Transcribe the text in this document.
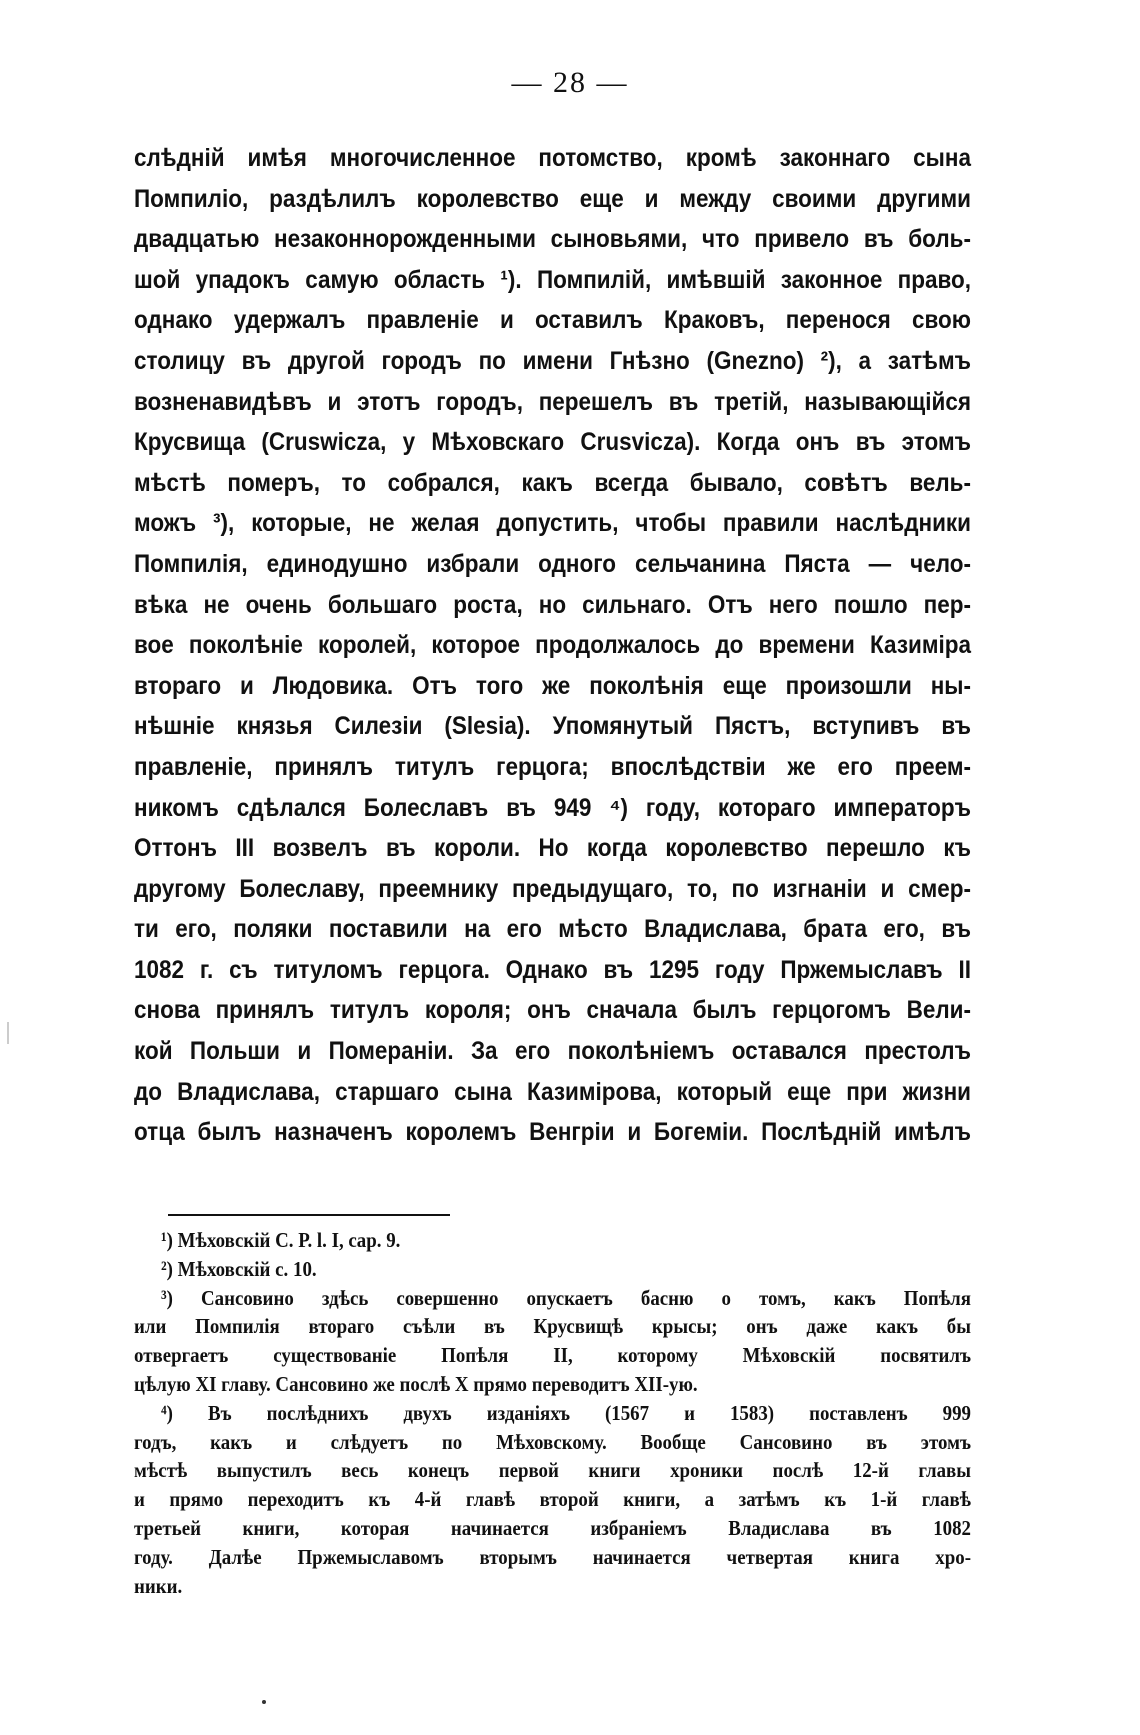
— 28 —
слѣдній имѣя многочисленное потомство, кромѣ законнаго сына
Помпиліо, раздѣлилъ королевство еще и между своими другими
двадцатью незаконнорожденными сыновьями, что привело въ боль-
шой упадокъ самую область ¹). Помпилій, имѣвшій законное право,
однако удержалъ правленіе и оставилъ Краковъ, перенося свою
столицу въ другой городъ по имени Гнѣзно (Gnezno) ²), а затѣмъ
возненавидѣвъ и этотъ городъ, перешелъ въ третій, называющійся
Крусвища (Cruswicza, у Мѣховскаго Crusvicza). Когда онъ въ этомъ
мѣстѣ померъ, то собрался, какъ всегда бывало, совѣтъ вель-
можъ ³), которые, не желая допустить, чтобы правили наслѣдники
Помпилія, единодушно избрали одного сельчанина Пяста — чело-
вѣка не очень большаго роста, но сильнаго. Отъ него пошло пер-
вое поколѣніе королей, которое продолжалось до времени Казиміра
втораго и Людовика. Отъ того же поколѣнія еще произошли ны-
нѣшніе князья Силезіи (Slesia). Упомянутый Пястъ, вступивъ въ
правленіе, принялъ титулъ герцога; впослѣдствіи же его преем-
никомъ сдѣлался Болеславъ въ 949 ⁴) году, котораго императоръ
Оттонъ III возвелъ въ короли. Но когда королевство перешло къ
другому Болеславу, преемнику предыдущаго, то, по изгнаніи и смер-
ти его, поляки поставили на его мѣсто Владислава, брата его, въ
1082 г. съ титуломъ герцога. Однако въ 1295 году Пржемыславъ II
снова принялъ титулъ короля; онъ сначала былъ герцогомъ Вели-
кой Польши и Помераніи. За его поколѣніемъ оставался престолъ
до Владислава, старшаго сына Казимірова, который еще при жизни
отца былъ назначенъ королемъ Венгріи и Богеміи. Послѣдній имѣлъ
¹) Мѣховскій С. Р. l. I, cap. 9.
²) Мѣховскій с. 10.
³) Сансовино здѣсь совершенно опускаетъ басню о томъ, какъ Попѣля
или Помпилія втораго съѣли въ Крусвищѣ крысы; онъ даже какъ бы
отвергаетъ существованіе Попѣля II, которому Мѣховскій посвятилъ
цѣлую XI главу. Сансовино же послѣ X прямо переводитъ XII-ую.
⁴) Въ послѣднихъ двухъ изданіяхъ (1567 и 1583) поставленъ 999
годъ, какъ и слѣдуетъ по Мѣховскому. Вообще Сансовино въ этомъ
мѣстѣ выпустилъ весь конецъ первой книги хроники послѣ 12-й главы
и прямо переходитъ къ 4-й главѣ второй книги, а затѣмъ къ 1-й главѣ
третьей книги, которая начинается избраніемъ Владислава въ 1082
году. Далѣе Пржемыславомъ вторымъ начинается четвертая книга хро-
ники.
